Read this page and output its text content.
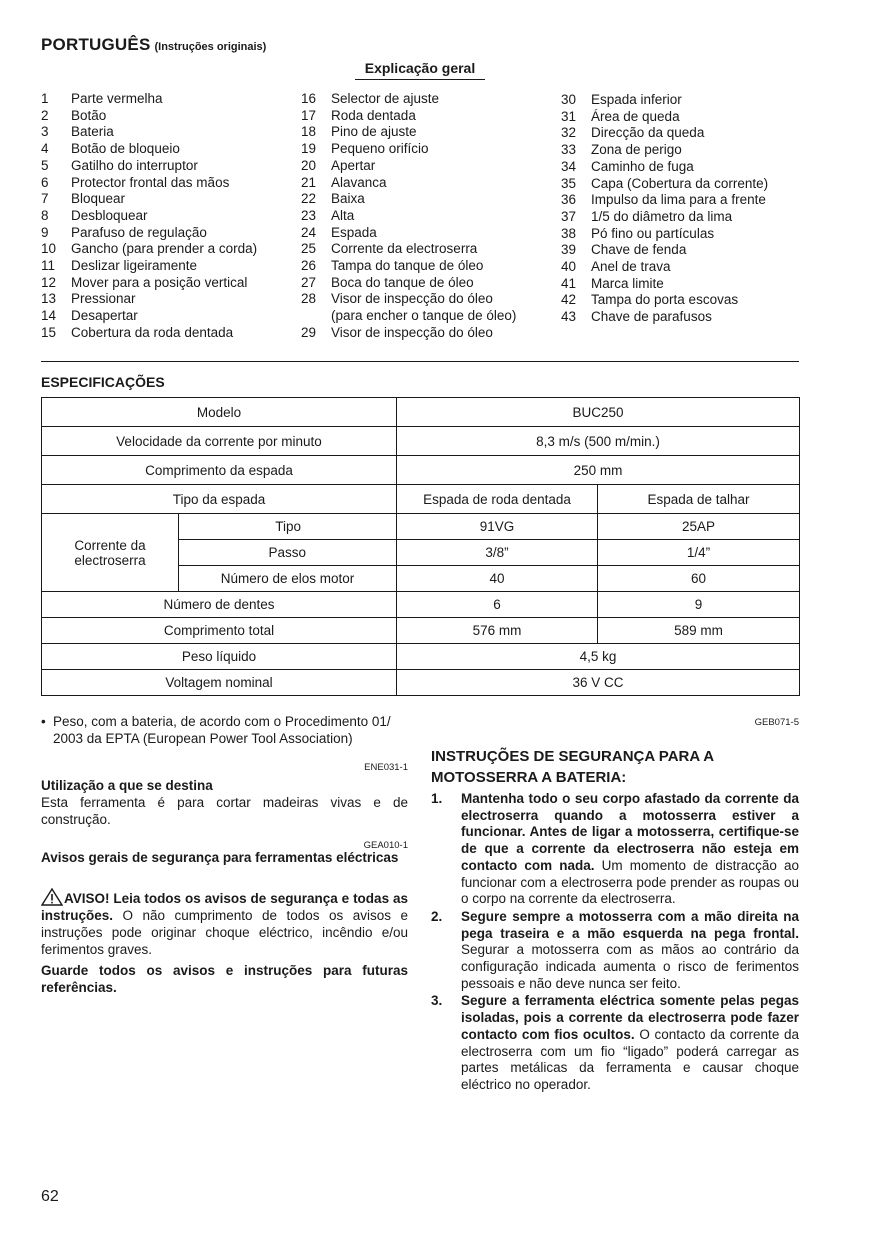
PORTUGUÊS (Instruções originais)
Explicação geral
1	Parte vermelha
2	Botão
3	Bateria
4	Botão de bloqueio
5	Gatilho do interruptor
6	Protector frontal das mãos
7	Bloquear
8	Desbloquear
9	Parafuso de regulação
10	Gancho (para prender a corda)
11	Deslizar ligeiramente
12	Mover para a posição vertical
13	Pressionar
14	Desapertar
15	Cobertura da roda dentada
16	Selector de ajuste
17	Roda dentada
18	Pino de ajuste
19	Pequeno orifício
20	Apertar
21	Alavanca
22	Baixa
23	Alta
24	Espada
25	Corrente da electroserra
26	Tampa do tanque de óleo
27	Boca do tanque de óleo
28	Visor de inspecção do óleo
(para encher o tanque de óleo)
29	Visor de inspecção do óleo
30	Espada inferior
31	Área de queda
32	Direcção da queda
33	Zona de perigo
34	Caminho de fuga
35	Capa (Cobertura da corrente)
36	Impulso da lima para a frente
37	1/5 do diâmetro da lima
38	Pó fino ou partículas
39	Chave de fenda
40	Anel de trava
41	Marca limite
42	Tampa do porta escovas
43	Chave de parafusos
ESPECIFICAÇÕES
Modelo		BUC250	
Velocidade da corrente por minuto		8,3 m/s (500 m/min.)	
Comprimento da espada		250 mm	
Tipo da espada		Espada de roda dentada	Espada de talhar
Corrente da electroserra	Tipo	91VG	25AP
	Passo	3/8”	1/4”
	Número de elos motor	40	60
Número de dentes		6	9
Comprimento total		576 mm	589 mm
Peso líquido		4,5 kg	
Voltagem nominal		36 V CC	
• Peso, com a bateria, de acordo com o Procedimento 01/ 2003 da EPTA (European Power Tool Association)
ENE031-1
Utilização a que se destina
Esta ferramenta é para cortar madeiras vivas e de construção.
GEA010-1
Avisos gerais de segurança para ferramentas eléctricas
AVISO! Leia todos os avisos de segurança e todas as instruções. O não cumprimento de todos os avisos e instruções pode originar choque eléctrico, incêndio e/ou ferimentos graves.
Guarde todos os avisos e instruções para futuras referências.
GEB071-5
INSTRUÇÕES DE SEGURANÇA PARA A MOTOSSERRA A BATERIA:
1.	Mantenha todo o seu corpo afastado da corrente da electroserra quando a motosserra estiver a funcionar. Antes de ligar a motosserra, certifique-se de que a corrente da electroserra não esteja em contacto com nada. Um momento de distracção ao funcionar com a electroserra pode prender as roupas ou o corpo na corrente da electroserra.
2.	Segure sempre a motosserra com a mão direita na pega traseira e a mão esquerda na pega frontal. Segurar a motosserra com as mãos ao contrário da configuração indicada aumenta o risco de ferimentos pessoais e não deve nunca ser feito.
3.	Segure a ferramenta eléctrica somente pelas pegas isoladas, pois a corrente da electroserra pode fazer contacto com fios ocultos. O contacto da corrente da electroserra com um fio “ligado” poderá carregar as partes metálicas da ferramenta e causar choque eléctrico no operador.
62
